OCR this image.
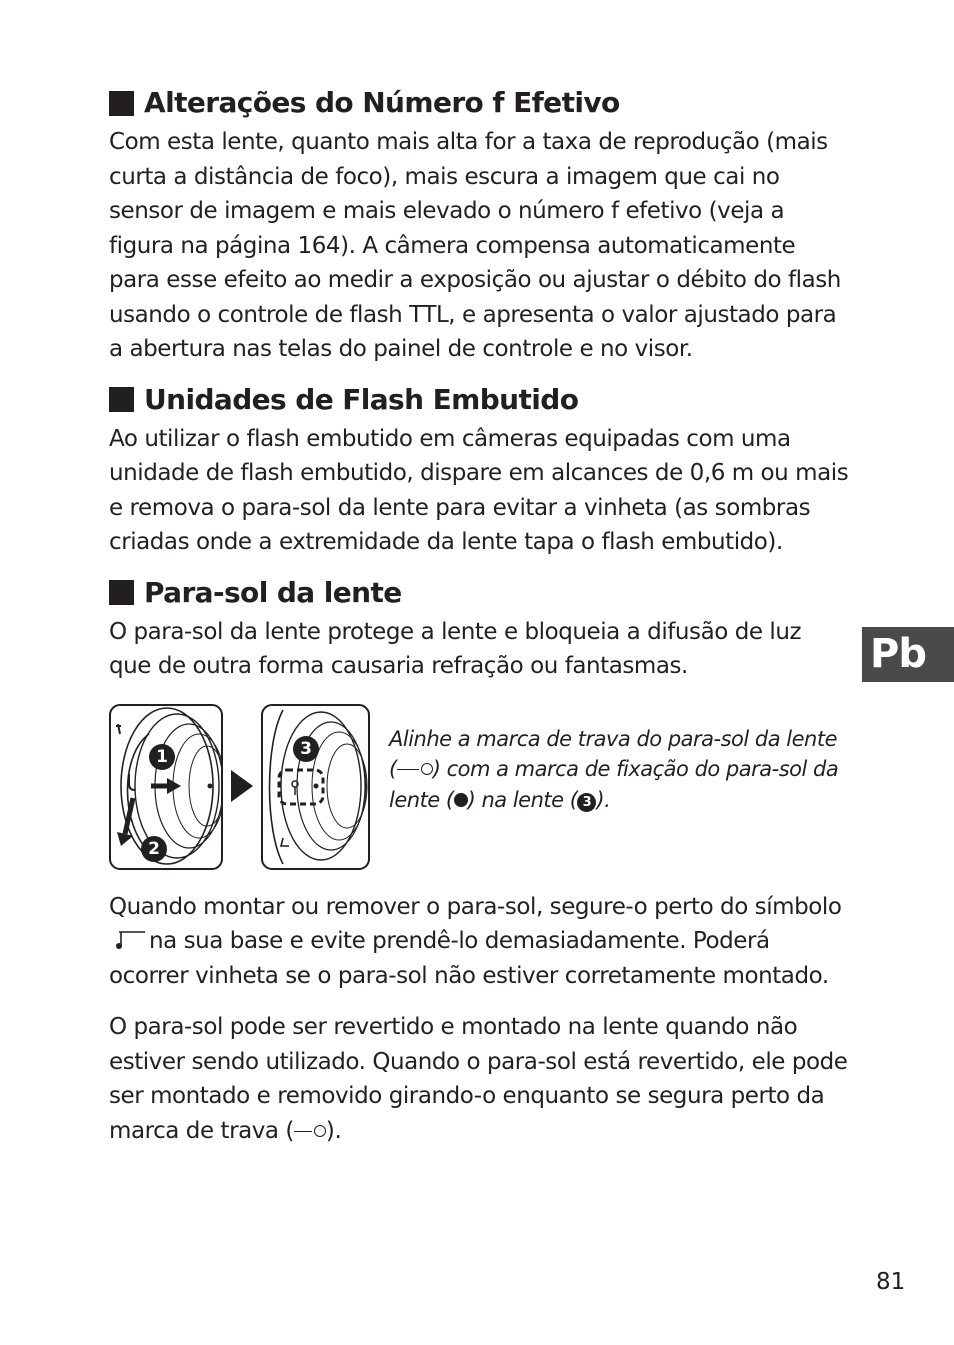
Alterações do Número f Efetivo

Com esta lente, quanto mais alta for a taxa de reprodução (mais curta a distância de foco), mais escura a imagem que cai no sensor de imagem e mais elevado o número f efetivo (veja a figura na página 164). A câmera compensa automaticamente para esse efeito ao medir a exposição ou ajustar o débito do flash usando o controle de flash TTL, e apresenta o valor ajustado para a abertura nas telas do painel de controle e no visor.

Unidades de Flash Embutido

Ao utilizar o flash embutido em câmeras equipadas com uma unidade de flash embutido, dispare em alcances de 0,6 m ou mais e remova o para-sol da lente para evitar a vinheta (as sombras criadas onde a extremidade da lente tapa o flash embutido).

Para-sol da lente

O para-sol da lente protege a lente e bloqueia a difusão de luz que de outra forma causaria refração ou fantasmas.

1
2
3	Alinhe a marca de trava do para-sol da lente ( ) com a marca de fixação do para-sol da lente ( ) na lente ( 3 ).

Quando montar ou remover o para-sol, segure-o perto do símbolona sua base e evite prendê-lo demasiadamente. Poderá ocorrer vinheta se o para-sol não estiver corretamente montado.

O para-sol pode ser revertido e montado na lente quando não estiver sendo utilizado. Quando o para-sol está revertido, ele pode ser montado e removido girando-o enquanto se segura perto da marca de trava ( ).

Pb
81
